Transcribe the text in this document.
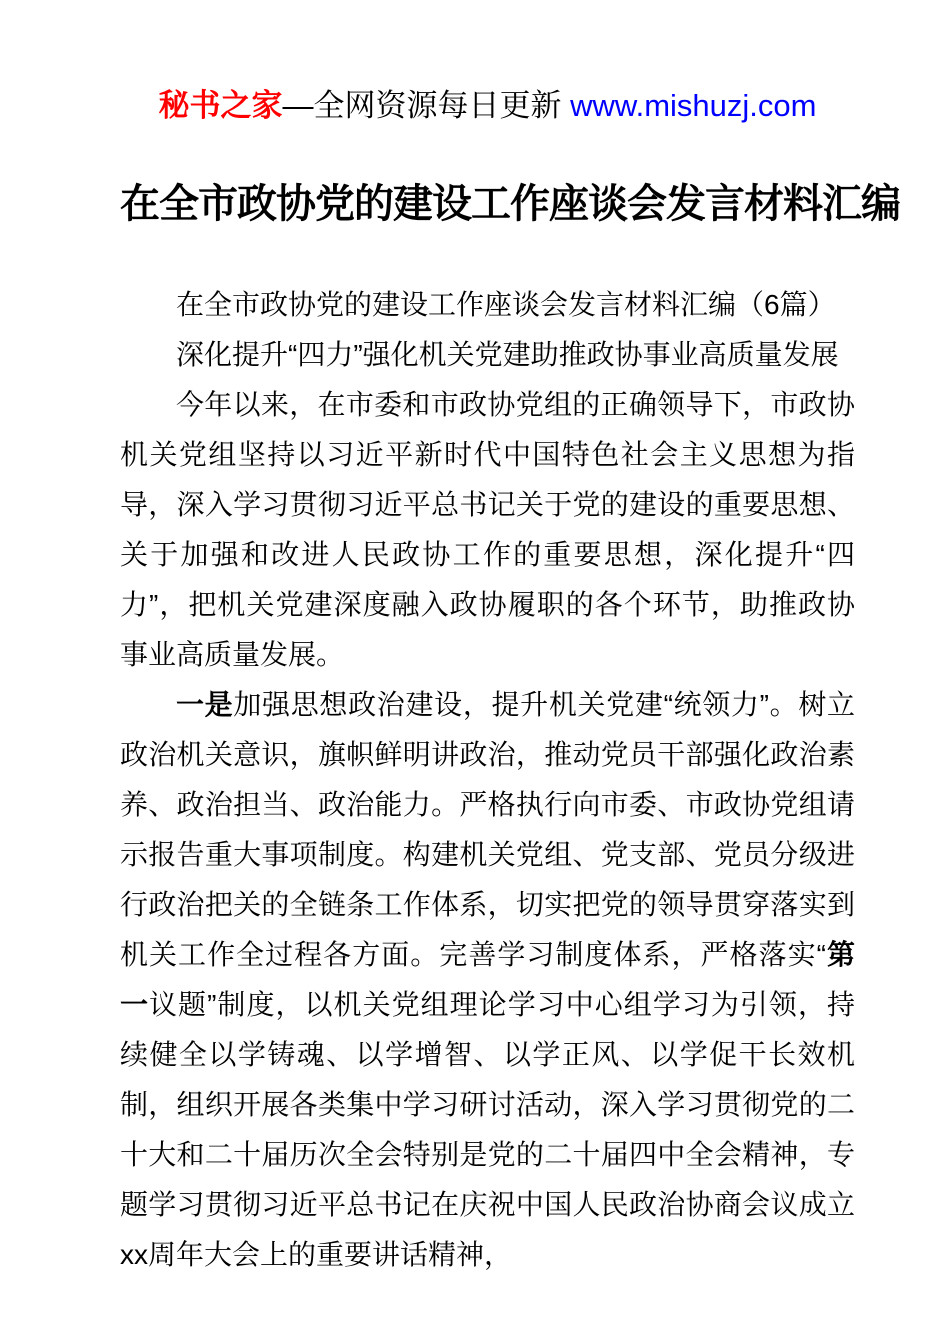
秘书之家—全网资源每日更新 www.mishuzj.com
在全市政协党的建设工作座谈会发言材料汇编

在全市政协党的建设工作座谈会发言材料汇编（6篇）

深化提升“四力”强化机关党建助推政协事业高质量发展

今年以来，在市委和市政协党组的正确领导下，市政协机关党组坚持以习近平新时代中国特色社会主义思想为指导，深入学习贯彻习近平总书记关于党的建设的重要思想、关于加强和改进人民政协工作的重要思想，深化提升“四力”，把机关党建深度融入政协履职的各个环节，助推政协事业高质量发展。

一是加强思想政治建设，提升机关党建“统领力”。树立政治机关意识，旗帜鲜明讲政治，推动党员干部强化政治素养、政治担当、政治能力。严格执行向市委、市政协党组请示报告重大事项制度。构建机关党组、党支部、党员分级进行政治把关的全链条工作体系，切实把党的领导贯穿落实到机关工作全过程各方面。完善学习制度体系，严格落实“第一议题”制度，以机关党组理论学习中心组学习为引领，持续健全以学铸魂、以学增智、以学正风、以学促干长效机制，组织开展各类集中学习研讨活动，深入学习贯彻党的二十大和二十届历次全会特别是党的二十届四中全会精神，专题学习贯彻习近平总书记在庆祝中国人民政治协商会议成立xx周年大会上的重要讲话精神，
